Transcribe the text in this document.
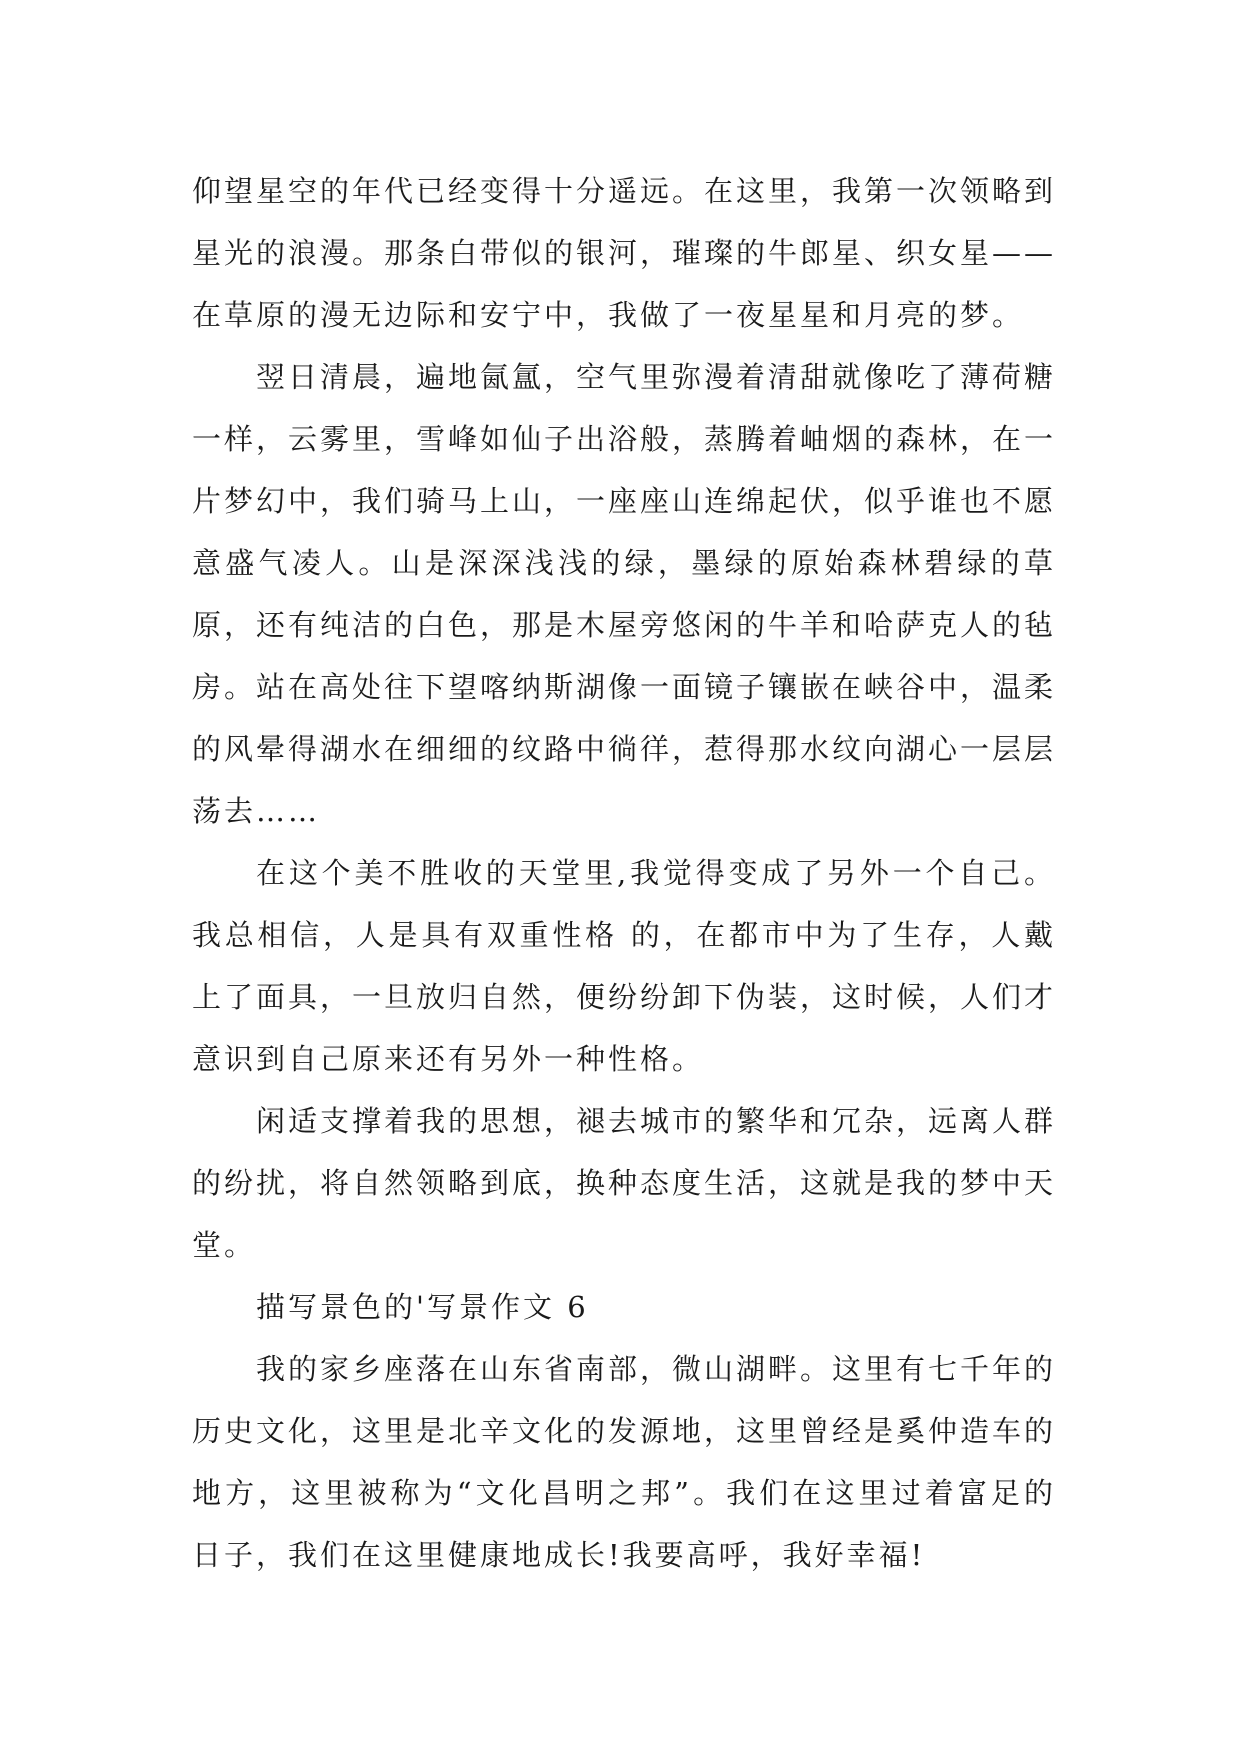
仰望星空的年代已经变得十分遥远。在这里，我第一次领略到星光的浪漫。那条白带似的银河，璀璨的牛郎星、织女星——在草原的漫无边际和安宁中，我做了一夜星星和月亮的梦。

翌日清晨，遍地氤氲，空气里弥漫着清甜就像吃了薄荷糖一样，云雾里，雪峰如仙子出浴般，蒸腾着岫烟的森林，在一片梦幻中，我们骑马上山，一座座山连绵起伏，似乎谁也不愿意盛气凌人。山是深深浅浅的绿，墨绿的原始森林碧绿的草原，还有纯洁的白色，那是木屋旁悠闲的牛羊和哈萨克人的毡房。站在高处往下望喀纳斯湖像一面镜子镶嵌在峡谷中，温柔的风晕得湖水在细细的纹路中徜徉，惹得那水纹向湖心一层层荡去……

在这个美不胜收的天堂里,我觉得变成了另外一个自己。我总相信，人是具有双重性格 的，在都市中为了生存，人戴上了面具，一旦放归自然，便纷纷卸下伪装，这时候，人们才意识到自己原来还有另外一种性格。

闲适支撑着我的思想，褪去城市的繁华和冗杂，远离人群的纷扰，将自然领略到底，换种态度生活，这就是我的梦中天堂。

描写景色的'写景作文 6

我的家乡座落在山东省南部，微山湖畔。这里有七千年的历史文化，这里是北辛文化的发源地，这里曾经是奚仲造车的地方，这里被称为“文化昌明之邦”。我们在这里过着富足的日子，我们在这里健康地成长!我要高呼，我好幸福!
